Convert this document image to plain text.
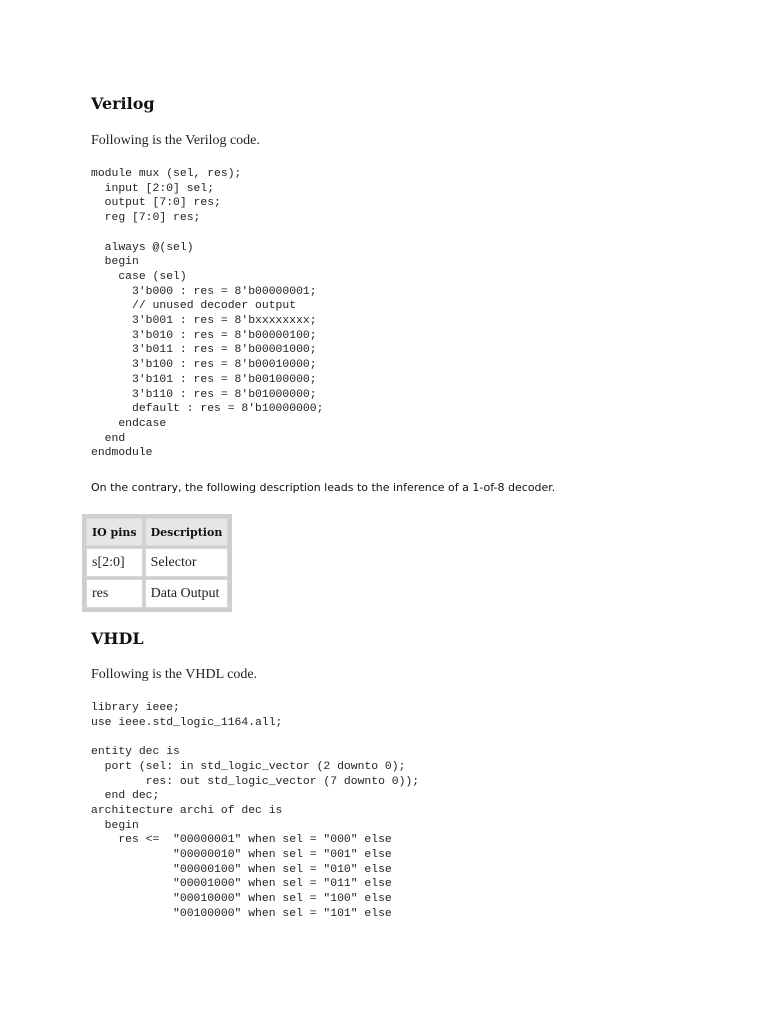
Verilog

Following is the Verilog code.

module mux (sel, res);
input [2:0] sel;
output [7:0] res;
reg [7:0] res;

always @(sel)
begin
case (sel)
3'b000 : res = 8'b00000001;
// unused decoder output
3'b001 : res = 8'bxxxxxxxx;
3'b010 : res = 8'b00000100;
3'b011 : res = 8'b00001000;
3'b100 : res = 8'b00010000;
3'b101 : res = 8'b00100000;
3'b110 : res = 8'b01000000;
default : res = 8'b10000000;
endcase
end
endmodule

On the contrary, the following description leads to the inference of a 1-of-8 decoder.

IO pins	Description
s[2:0]	Selector
res	Data Output
VHDL

Following is the VHDL code.

library ieee;
use ieee.std_logic_1164.all;

entity dec is
port (sel: in std_logic_vector (2 downto 0);
res: out std_logic_vector (7 downto 0));
end dec;
architecture archi of dec is
begin
res <=  "00000001" when sel = "000" else
"00000010" when sel = "001" else
"00000100" when sel = "010" else
"00001000" when sel = "011" else
"00010000" when sel = "100" else
"00100000" when sel = "101" else
